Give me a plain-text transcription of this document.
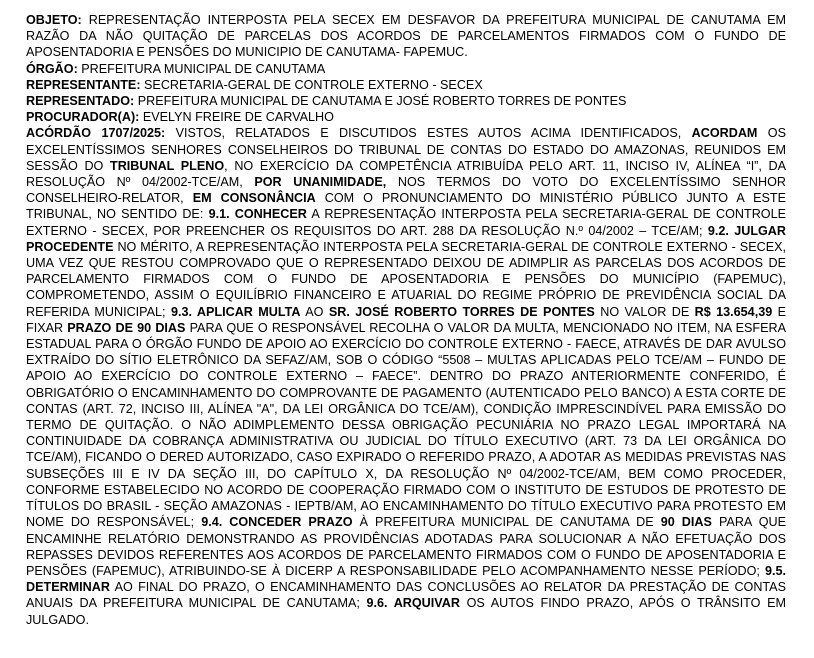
OBJETO: REPRESENTAÇÃO INTERPOSTA PELA SECEX EM DESFAVOR DA PREFEITURA MUNICIPAL DE CANUTAMA EM RAZÃO DA NÃO QUITAÇÃO DE PARCELAS DOS ACORDOS DE PARCELAMENTOS FIRMADOS COM O FUNDO DE APOSENTADORIA E PENSÕES DO MUNICIPIO DE CANUTAMA- FAPEMUC.

ÓRGÃO: PREFEITURA MUNICIPAL DE CANUTAMA

REPRESENTANTE: SECRETARIA-GERAL DE CONTROLE EXTERNO - SECEX

REPRESENTADO: PREFEITURA MUNICIPAL DE CANUTAMA E JOSÉ ROBERTO TORRES DE PONTES

PROCURADOR(A): EVELYN FREIRE DE CARVALHO

ACÓRDÃO 1707/2025: VISTOS, RELATADOS E DISCUTIDOS ESTES AUTOS ACIMA IDENTIFICADOS, ACORDAM OS EXCELENTÍSSIMOS SENHORES CONSELHEIROS DO TRIBUNAL DE CONTAS DO ESTADO DO AMAZONAS, REUNIDOS EM SESSÃO DO TRIBUNAL PLENO, NO EXERCÍCIO DA COMPETÊNCIA ATRIBUÍDA PELO ART. 11, INCISO IV, ALÍNEA “I”, DA RESOLUÇÃO Nº 04/2002-TCE/AM, POR UNANIMIDADE, NOS TERMOS DO VOTO DO EXCELENTÍSSIMO SENHOR CONSELHEIRO-RELATOR, EM CONSONÂNCIA COM O PRONUNCIAMENTO DO MINISTÉRIO PÚBLICO JUNTO A ESTE TRIBUNAL, NO SENTIDO DE: 9.1. CONHECER A REPRESENTAÇÃO INTERPOSTA PELA SECRETARIA-GERAL DE CONTROLE EXTERNO - SECEX, POR PREENCHER OS REQUISITOS DO ART. 288 DA RESOLUÇÃO N.º 04/2002 – TCE/AM; 9.2. JULGAR PROCEDENTE NO MÉRITO, A REPRESENTAÇÃO INTERPOSTA PELA SECRETARIA-GERAL DE CONTROLE EXTERNO - SECEX, UMA VEZ QUE RESTOU COMPROVADO QUE O REPRESENTADO DEIXOU DE ADIMPLIR AS PARCELAS DOS ACORDOS DE PARCELAMENTO FIRMADOS COM O FUNDO DE APOSENTADORIA E PENSÕES DO MUNICÍPIO (FAPEMUC), COMPROMETENDO, ASSIM O EQUILÍBRIO FINANCEIRO E ATUARIAL DO REGIME PRÓPRIO DE PREVIDÊNCIA SOCIAL DA REFERIDA MUNICIPAL; 9.3. APLICAR MULTA AO SR. JOSÉ ROBERTO TORRES DE PONTES NO VALOR DE R$ 13.654,39 E FIXAR PRAZO DE 90 DIAS PARA QUE O RESPONSÁVEL RECOLHA O VALOR DA MULTA, MENCIONADO NO ITEM, NA ESFERA ESTADUAL PARA O ÓRGÃO FUNDO DE APOIO AO EXERCÍCIO DO CONTROLE EXTERNO - FAECE, ATRAVÉS DE DAR AVULSO EXTRAÍDO DO SÍTIO ELETRÔNICO DA SEFAZ/AM, SOB O CÓDIGO “5508 – MULTAS APLICADAS PELO TCE/AM – FUNDO DE APOIO AO EXERCÍCIO DO CONTROLE EXTERNO – FAECE”. DENTRO DO PRAZO ANTERIORMENTE CONFERIDO, É OBRIGATÓRIO O ENCAMINHAMENTO DO COMPROVANTE DE PAGAMENTO (AUTENTICADO PELO BANCO) A ESTA CORTE DE CONTAS (ART. 72, INCISO III, ALÍNEA "A", DA LEI ORGÂNICA DO TCE/AM), CONDIÇÃO IMPRESCINDÍVEL PARA EMISSÃO DO TERMO DE QUITAÇÃO. O NÃO ADIMPLEMENTO DESSA OBRIGAÇÃO PECUNIÁRIA NO PRAZO LEGAL IMPORTARÁ NA CONTINUIDADE DA COBRANÇA ADMINISTRATIVA OU JUDICIAL DO TÍTULO EXECUTIVO (ART. 73 DA LEI ORGÂNICA DO TCE/AM), FICANDO O DERED AUTORIZADO, CASO EXPIRADO O REFERIDO PRAZO, A ADOTAR AS MEDIDAS PREVISTAS NAS SUBSEÇÕES III E IV DA SEÇÃO III, DO CAPÍTULO X, DA RESOLUÇÃO Nº 04/2002-TCE/AM, BEM COMO PROCEDER, CONFORME ESTABELECIDO NO ACORDO DE COOPERAÇÃO FIRMADO COM O INSTITUTO DE ESTUDOS DE PROTESTO DE TÍTULOS DO BRASIL - SEÇÃO AMAZONAS - IEPTB/AM, AO ENCAMINHAMENTO DO TÍTULO EXECUTIVO PARA PROTESTO EM NOME DO RESPONSÁVEL; 9.4. CONCEDER PRAZO À PREFEITURA MUNICIPAL DE CANUTAMA DE 90 DIAS PARA QUE ENCAMINHE RELATÓRIO DEMONSTRANDO AS PROVIDÊNCIAS ADOTADAS PARA SOLUCIONAR A NÃO EFETUAÇÃO DOS REPASSES DEVIDOS REFERENTES AOS ACORDOS DE PARCELAMENTO FIRMADOS COM O FUNDO DE APOSENTADORIA E PENSÕES (FAPEMUC), ATRIBUINDO-SE À DICERP A RESPONSABILIDADE PELO ACOMPANHAMENTO NESSE PERÍODO; 9.5. DETERMINAR AO FINAL DO PRAZO, O ENCAMINHAMENTO DAS CONCLUSÕES AO RELATOR DA PRESTAÇÃO DE CONTAS ANUAIS DA PREFEITURA MUNICIPAL DE CANUTAMA; 9.6. ARQUIVAR OS AUTOS FINDO PRAZO, APÓS O TRÂNSITO EM JULGADO.
